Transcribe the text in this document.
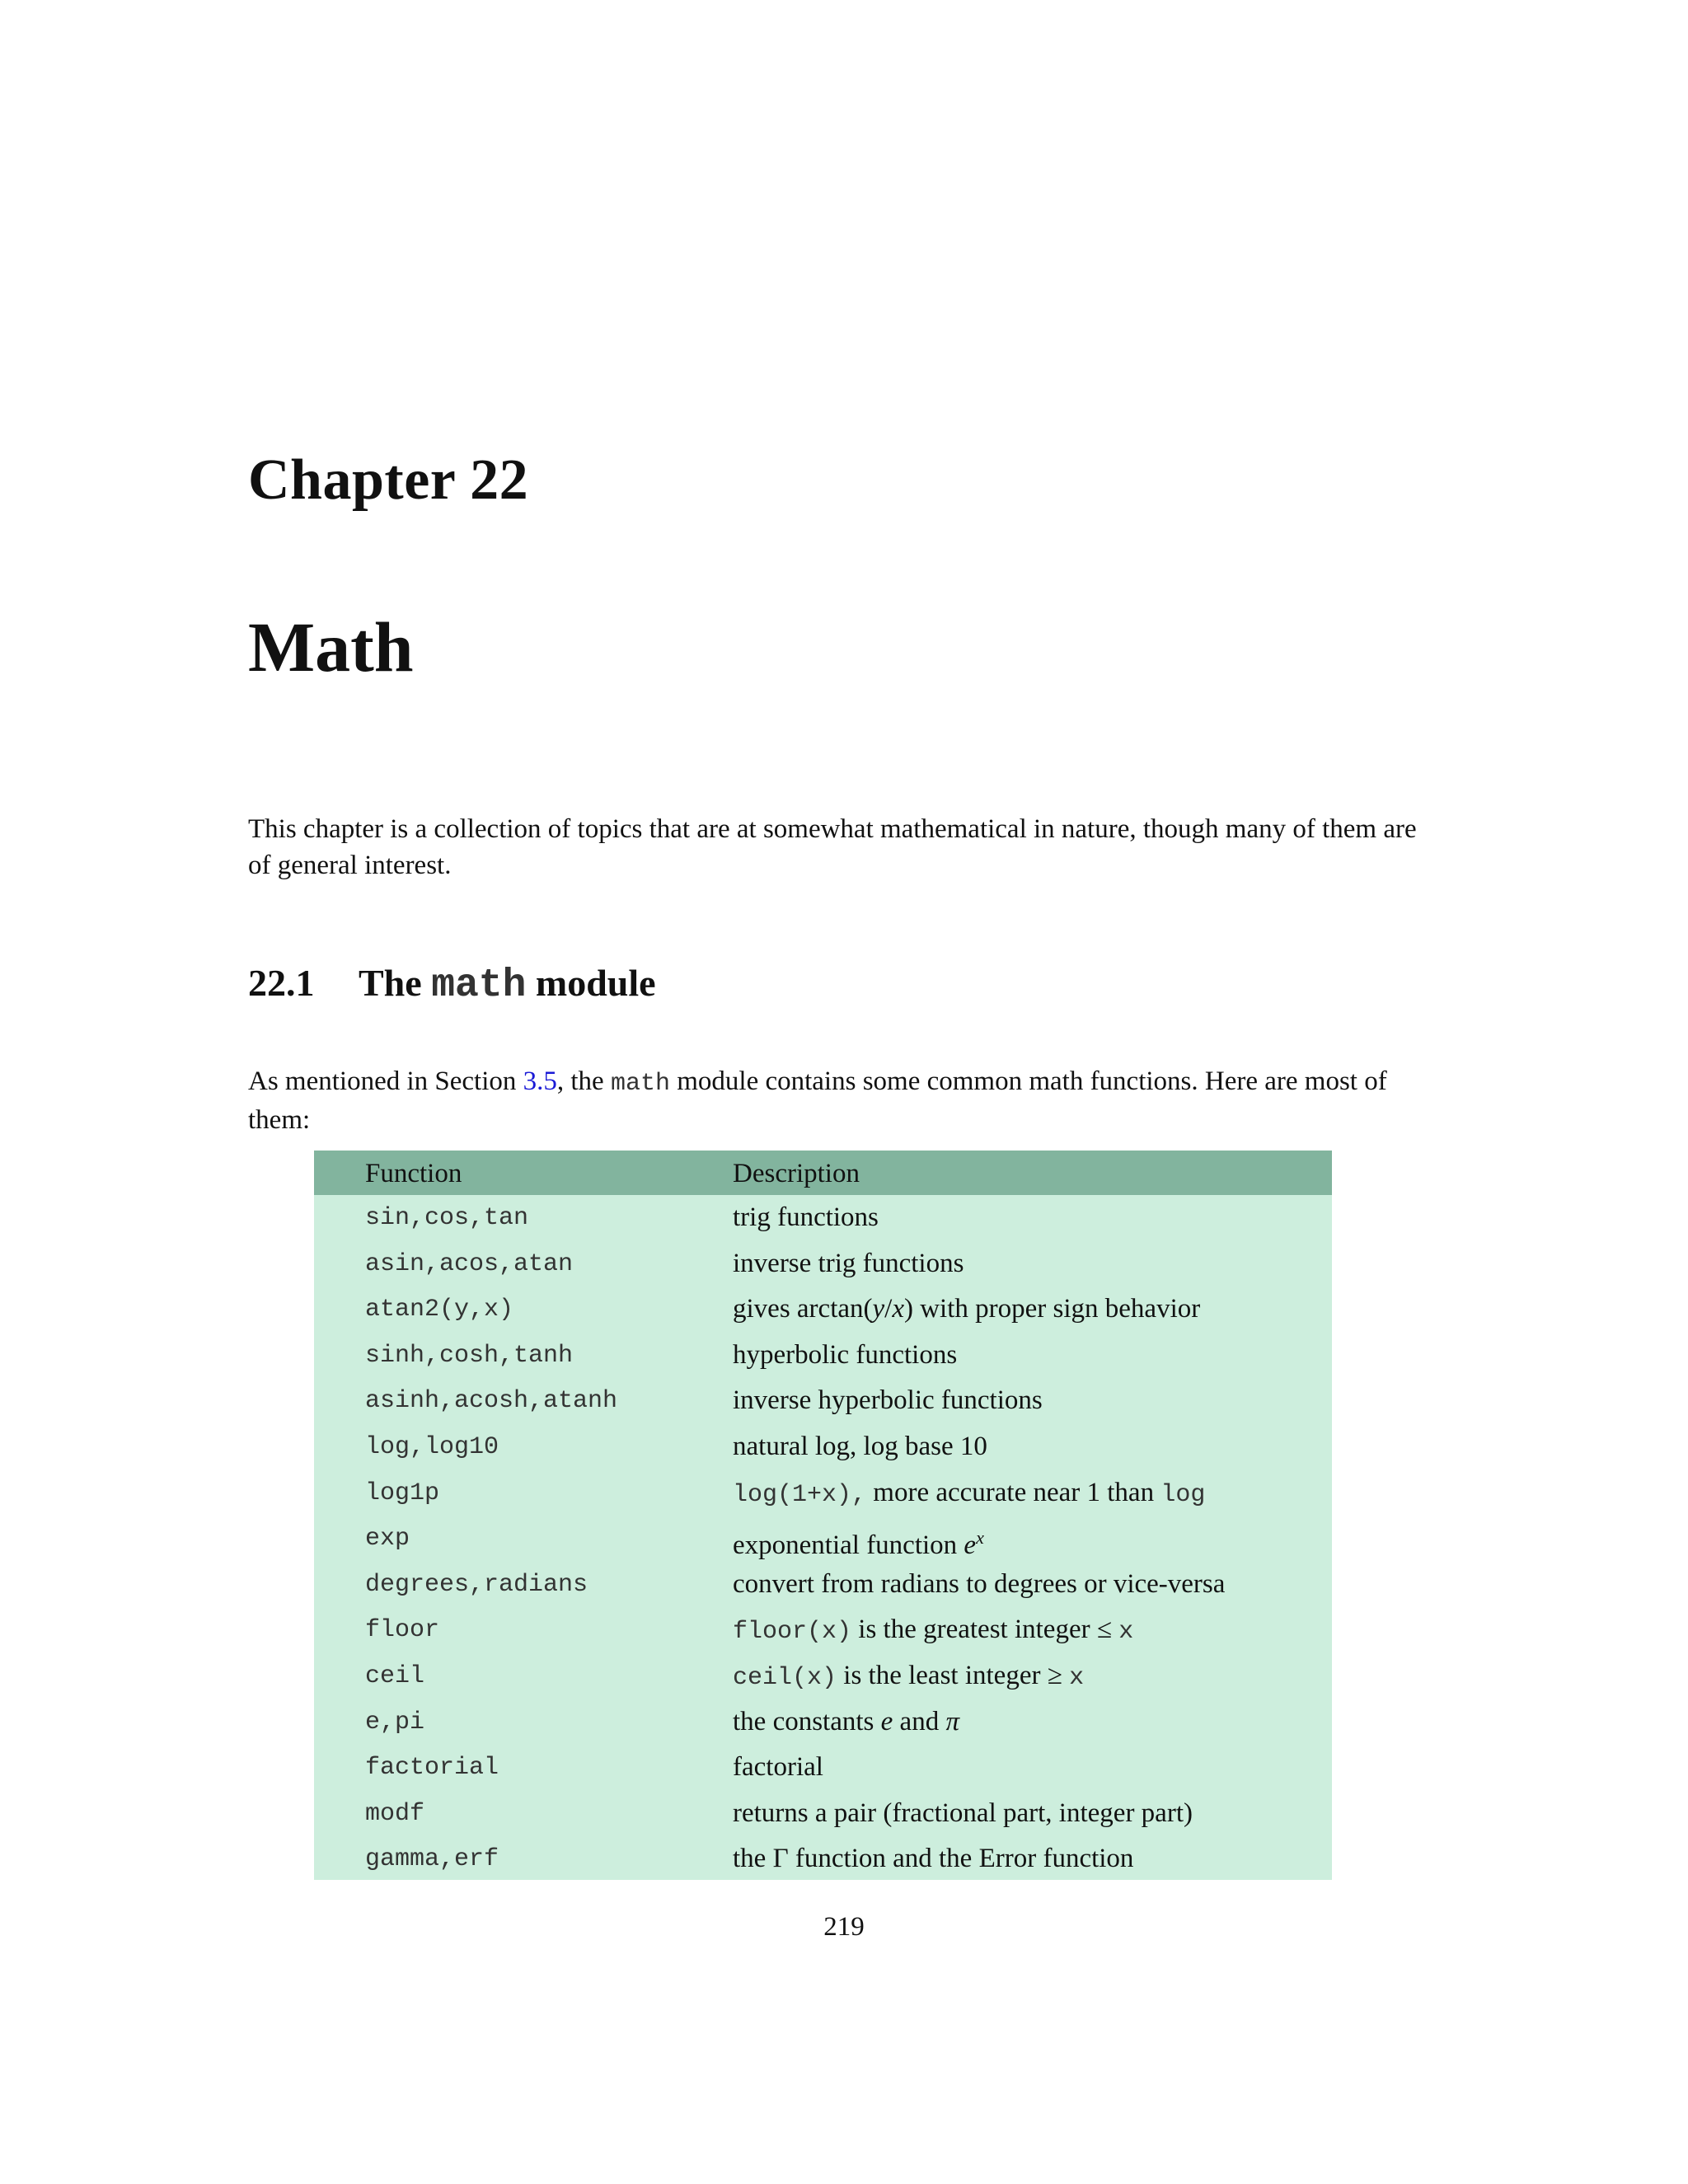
Chapter 22
Math
This chapter is a collection of topics that are at somewhat mathematical in nature, though many of them are of general interest.
22.1 The math module
As mentioned in Section 3.5, the math module contains some common math functions. Here are most of them:
Function	Description
sin,cos,tan	trig functions
asin,acos,atan	inverse trig functions
atan2(y,x)	gives arctan(y/x) with proper sign behavior
sinh,cosh,tanh	hyperbolic functions
asinh,acosh,atanh	inverse hyperbolic functions
log,log10	natural log, log base 10
log1p	log(1+x), more accurate near 1 than log
exp	exponential function $e^x$
degrees,radians	convert from radians to degrees or vice-versa
floor	floor(x) is the greatest integer ≤ x
ceil	ceil(x) is the least integer ≥ x
e,pi	the constants e and π
factorial	factorial
modf	returns a pair (fractional part, integer part)
gamma,erf	the Γ function and the Error function
219
